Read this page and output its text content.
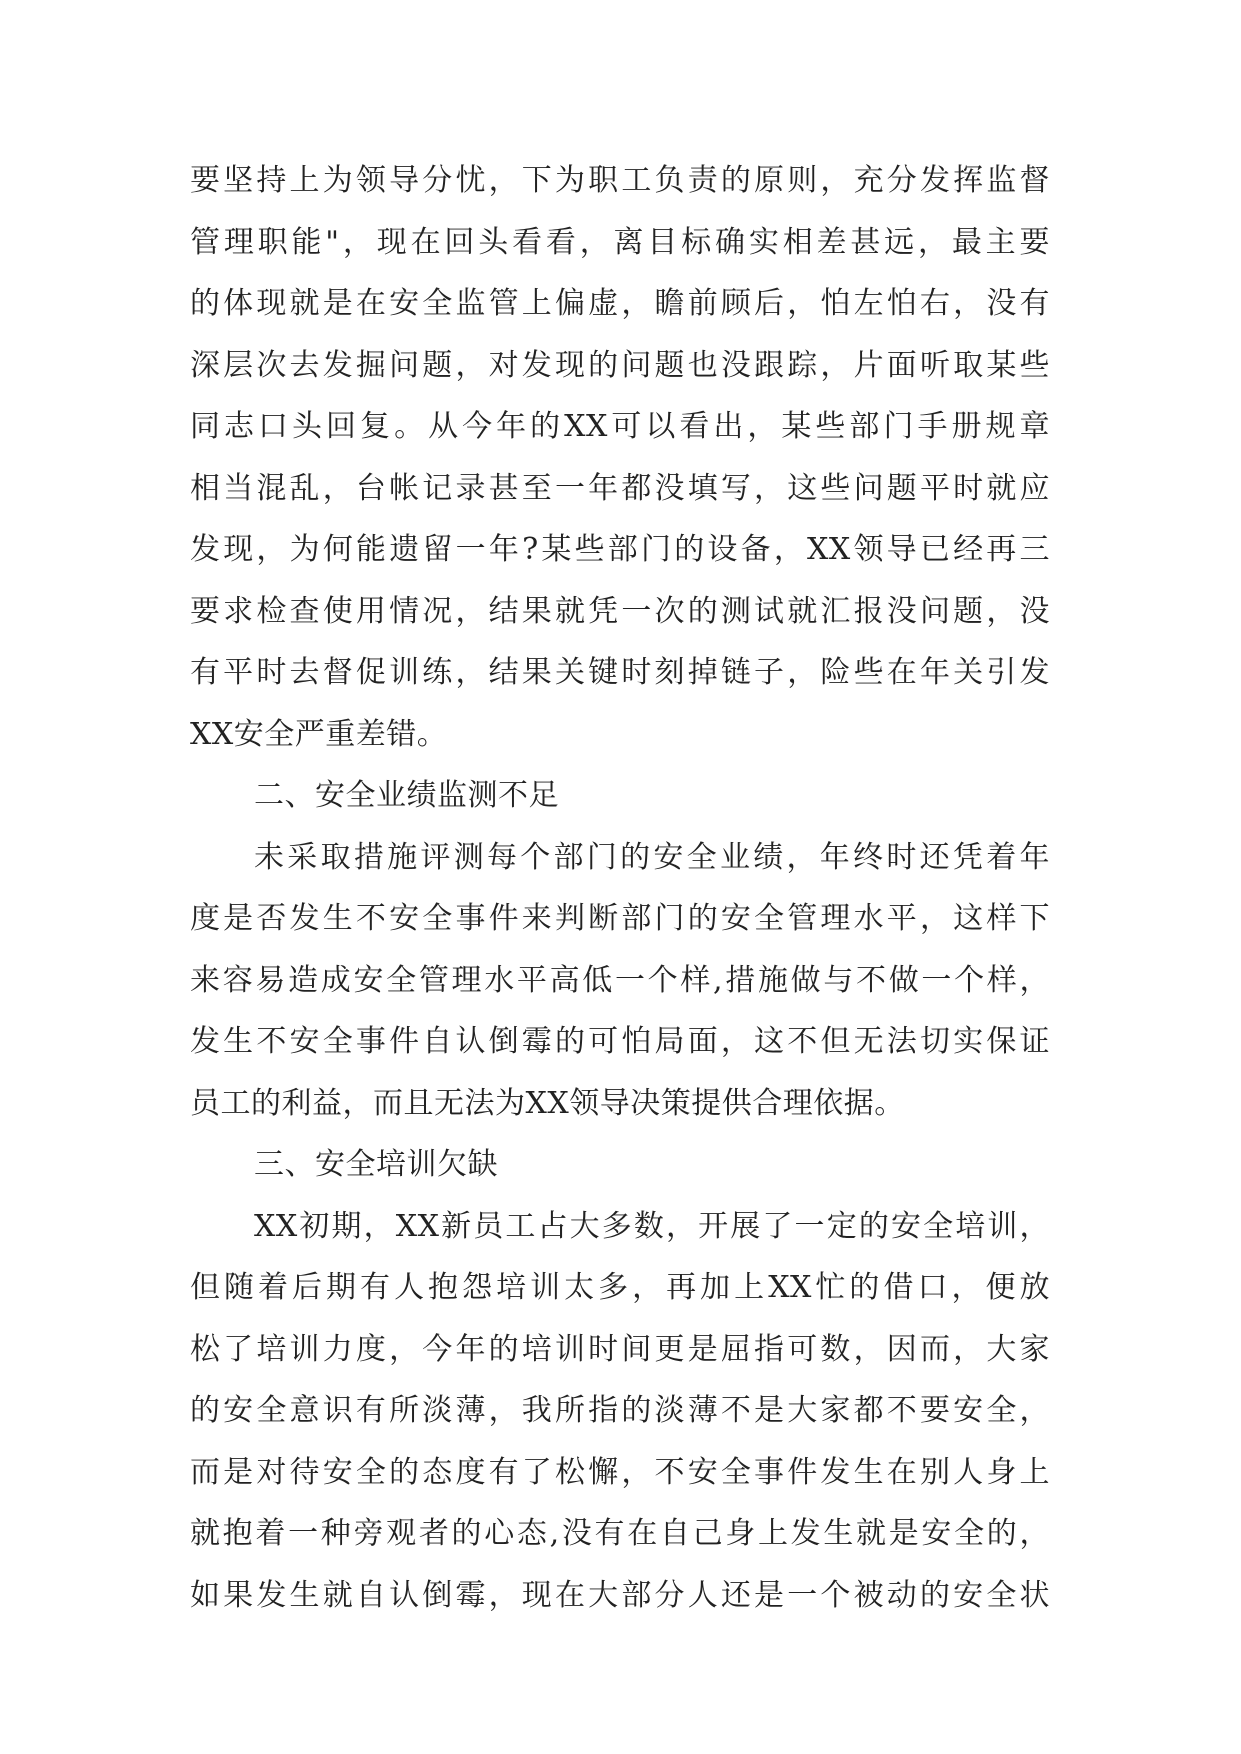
要坚持上为领导分忧，下为职工负责的原则，充分发挥监督
管理职能"，现在回头看看，离目标确实相差甚远，最主要
的体现就是在安全监管上偏虚，瞻前顾后，怕左怕右，没有
深层次去发掘问题，对发现的问题也没跟踪，片面听取某些
同志口头回复。从今年的XX可以看出，某些部门手册规章
相当混乱，台帐记录甚至一年都没填写，这些问题平时就应
发现，为何能遗留一年?某些部门的设备，XX领导已经再三
要求检查使用情况，结果就凭一次的测试就汇报没问题，没
有平时去督促训练，结果关键时刻掉链子，险些在年关引发
XX安全严重差错。
二、安全业绩监测不足
未采取措施评测每个部门的安全业绩，年终时还凭着年
度是否发生不安全事件来判断部门的安全管理水平，这样下
来容易造成安全管理水平高低一个样,措施做与不做一个样，
发生不安全事件自认倒霉的可怕局面，这不但无法切实保证
员工的利益，而且无法为XX领导决策提供合理依据。
三、安全培训欠缺
XX初期，XX新员工占大多数，开展了一定的安全培训，
但随着后期有人抱怨培训太多，再加上XX忙的借口，便放
松了培训力度，今年的培训时间更是屈指可数，因而，大家
的安全意识有所淡薄，我所指的淡薄不是大家都不要安全，
而是对待安全的态度有了松懈，不安全事件发生在别人身上
就抱着一种旁观者的心态,没有在自己身上发生就是安全的，
如果发生就自认倒霉，现在大部分人还是一个被动的安全状
